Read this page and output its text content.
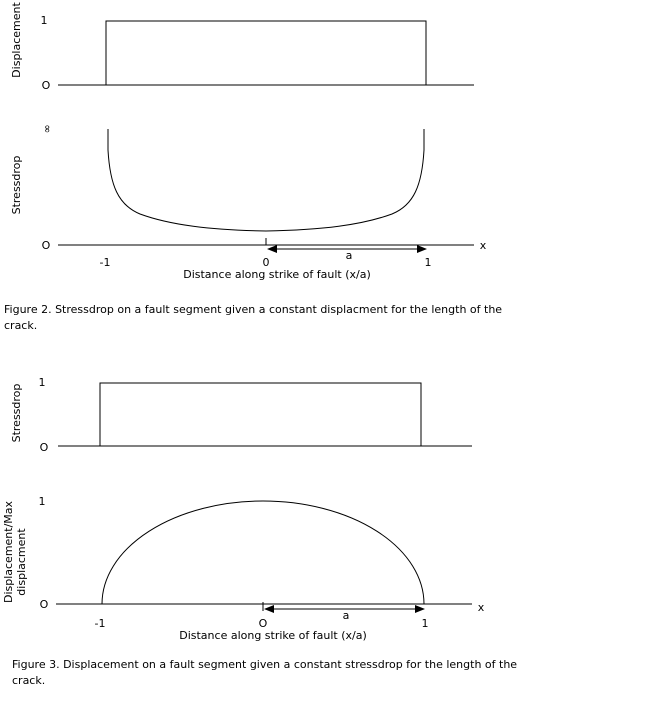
Displacement 1
O
Stressdrop
∞
O	x
a
-1	0	1
Distance along strike of fault (x/a)
Stressdrop
1
O
Displacement/Max displacment
1
O	x
a
-1	O	1
Distance along strike of fault (x/a)
Figure 2. Stressdrop on a fault segment given a constant displacment for the length of the crack.
Figure 3. Displacement on a fault segment given a constant stressdrop for the length of the crack.
